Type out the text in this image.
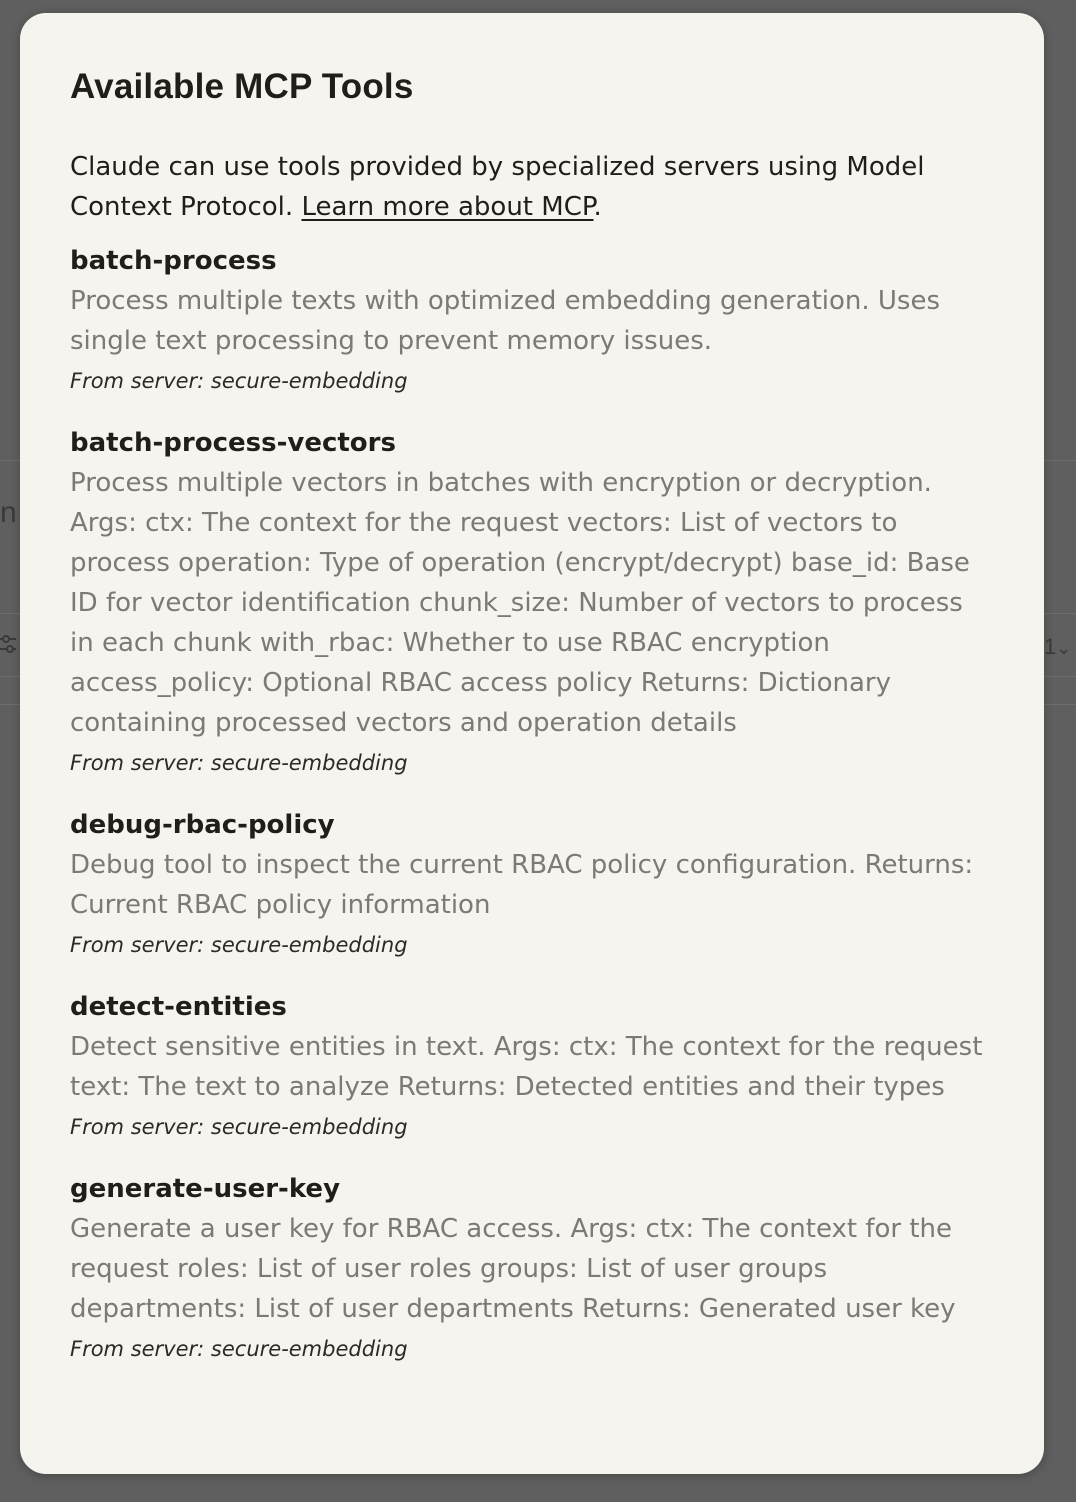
n
1⌄
Available MCP Tools

Claude can use tools provided by specialized servers using Model Context Protocol. Learn more about MCP.

batch-process
Process multiple texts with optimized embedding generation. Uses single text processing to prevent memory issues.
From server: secure-embedding
batch-process-vectors
Process multiple vectors in batches with encryption or decryption. Args: ctx: The context for the request vectors: List of vectors to process operation: Type of operation (encrypt/decrypt) base_id: Base ID for vector identification chunk_size: Number of vectors to process in each chunk with_rbac: Whether to use RBAC encryption access_policy: Optional RBAC access policy Returns: Dictionary containing processed vectors and operation details
From server: secure-embedding
debug-rbac-policy
Debug tool to inspect the current RBAC policy configuration. Returns: Current RBAC policy information
From server: secure-embedding
detect-entities
Detect sensitive entities in text. Args: ctx: The context for the request text: The text to analyze Returns: Detected entities and their types
From server: secure-embedding
generate-user-key
Generate a user key for RBAC access. Args: ctx: The context for the request roles: List of user roles groups: List of user groups departments: List of user departments Returns: Generated user key
From server: secure-embedding
